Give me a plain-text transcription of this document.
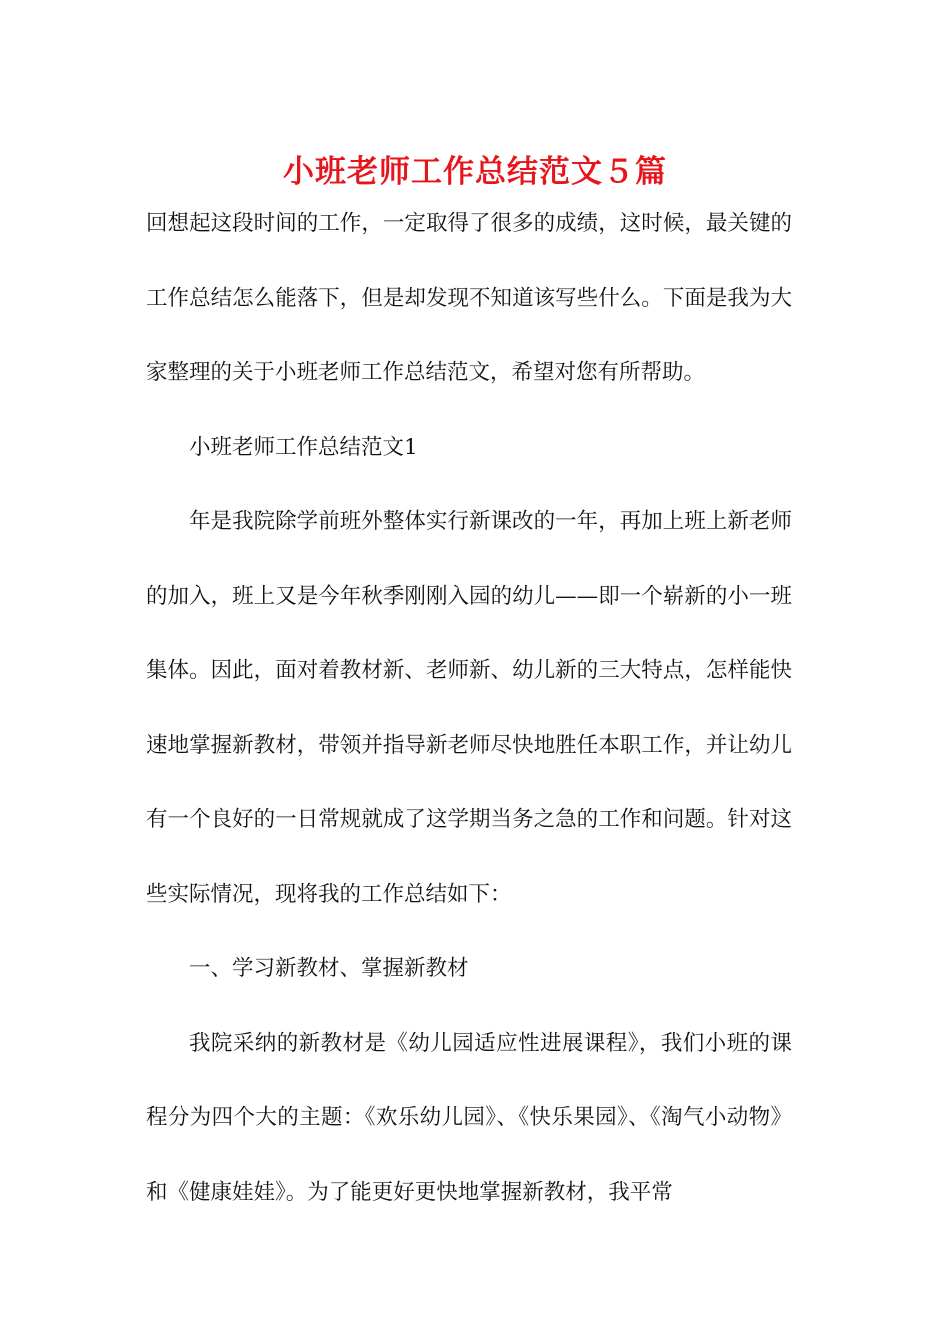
小班老师工作总结范文５篇

回想起这段时间的工作，一定取得了很多的成绩，这时候，最关键的工作总结怎么能落下，但是却发现不知道该写些什么。下面是我为大家整理的关于小班老师工作总结范文，希望对您有所帮助。

小班老师工作总结范文1

年是我院除学前班外整体实行新课改的一年，再加上班上新老师的加入，班上又是今年秋季刚刚入园的幼儿——即一个崭新的小一班集体。因此，面对着教材新、老师新、幼儿新的三大特点，怎样能快速地掌握新教材，带领并指导新老师尽快地胜任本职工作，并让幼儿有一个良好的一日常规就成了这学期当务之急的工作和问题。针对这些实际情况，现将我的工作总结如下：

一、学习新教材、掌握新教材

我院采纳的新教材是《幼儿园适应性进展课程》，我们小班的课程分为四个大的主题：《欢乐幼儿园》、《快乐果园》、《淘气小动物》和《健康娃娃》。为了能更好更快地掌握新教材，我平常
